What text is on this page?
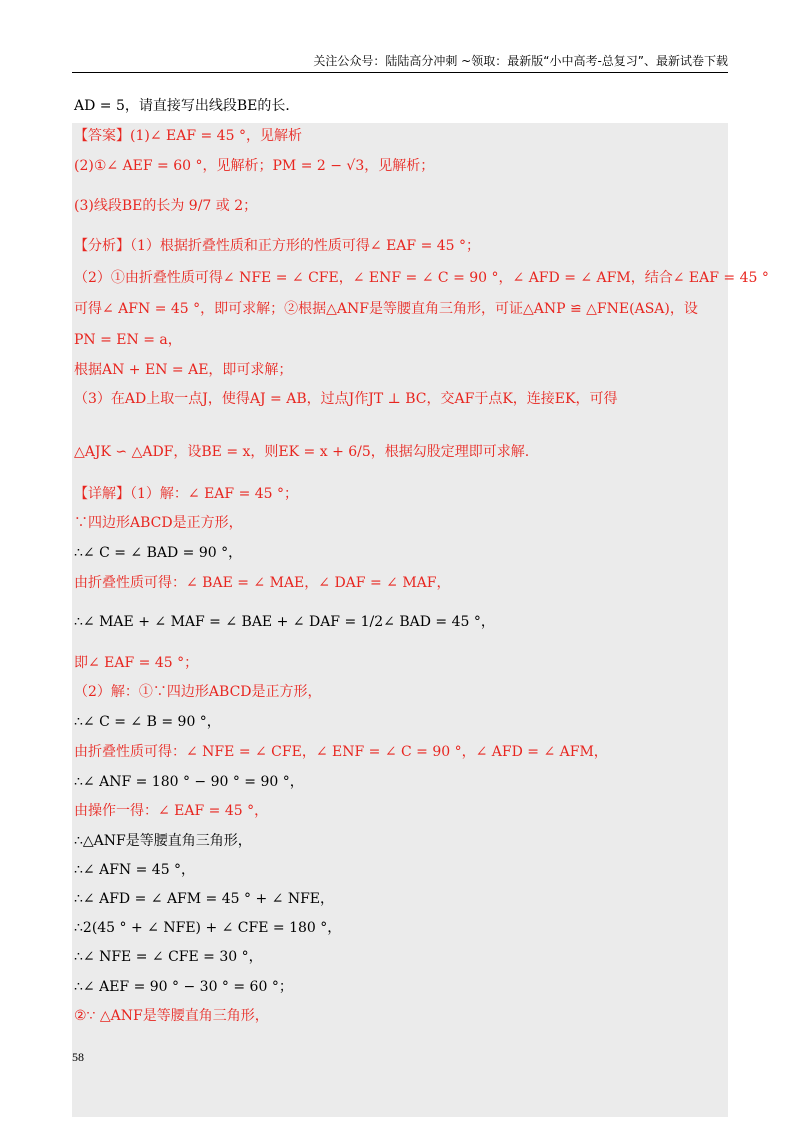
关注公众号：陆陆高分冲刺 ~领取：最新版“小中高考-总复习”、最新试卷下载
AD = 5，请直接写出线段BE的长．
【答案】(1)∠ EAF = 45 °，见解析
(2)①∠ AEF = 60 °，见解析；PM = 2 − √3，见解析；
(3)线段BE的长为 9/7 或 2；
【分析】（1）根据折叠性质和正方形的性质可得∠ EAF = 45 °；
（2）①由折叠性质可得∠ NFE = ∠ CFE，∠ ENF = ∠ C = 90 °，∠ AFD = ∠ AFM，结合∠ EAF = 45 °
可得∠ AFN = 45 °，即可求解；②根据△ANF是等腰直角三角形，可证△ANP ≌ △FNE(ASA)，设
PN = EN = a，
根据AN + EN = AE，即可求解；
（3）在AD上取一点J，使得AJ = AB，过点J作JT ⊥ BC，交AF于点K，连接EK，可得
△AJK ∽ △ADF，设BE = x，则EK = x + 6/5，根据勾股定理即可求解.
【详解】（1）解：∠ EAF = 45 °；
∵四边形ABCD是正方形，
∴∠ C = ∠ BAD = 90 °，
由折叠性质可得：∠ BAE = ∠ MAE，∠ DAF = ∠ MAF，
∴∠ MAE + ∠ MAF = ∠ BAE + ∠ DAF = 1/2∠ BAD = 45 °，
即∠ EAF = 45 °；
（2）解：①∵四边形ABCD是正方形，
∴∠ C = ∠ B = 90 °，
由折叠性质可得：∠ NFE = ∠ CFE，∠ ENF = ∠ C = 90 °，∠ AFD = ∠ AFM，
∴∠ ANF = 180 ° − 90 ° = 90 °，
由操作一得：∠ EAF = 45 °，
∴△ANF是等腰直角三角形，
∴∠ AFN = 45 °，
∴∠ AFD = ∠ AFM = 45 ° + ∠ NFE，
∴2(45 ° + ∠ NFE) + ∠ CFE = 180 °，
∴∠ NFE = ∠ CFE = 30 °，
∴∠ AEF = 90 ° − 30 ° = 60 °；
②∵ △ANF是等腰直角三角形，
58
